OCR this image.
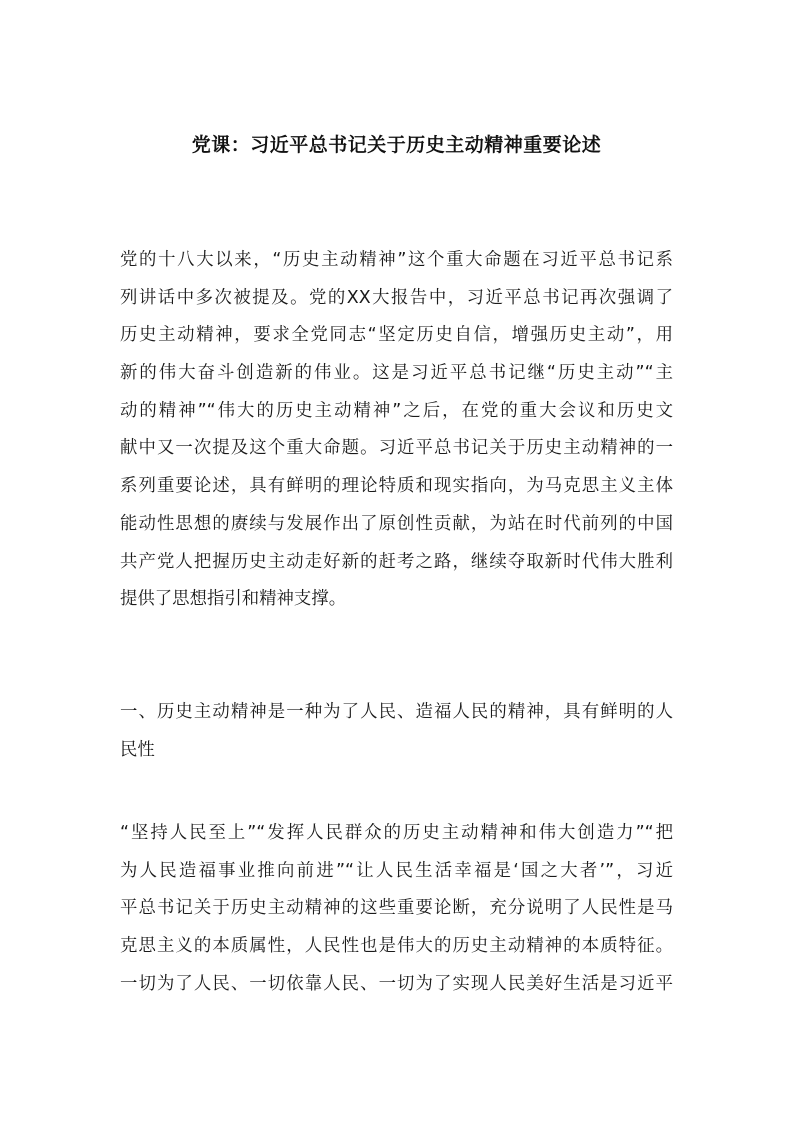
党课：习近平总书记关于历史主动精神重要论述
党的十八大以来，“历史主动精神”这个重大命题在习近平总书记系
列讲话中多次被提及。党的XX大报告中，习近平总书记再次强调了
历史主动精神，要求全党同志“坚定历史自信，增强历史主动”，用
新的伟大奋斗创造新的伟业。这是习近平总书记继“历史主动”“主
动的精神”“伟大的历史主动精神”之后，在党的重大会议和历史文
献中又一次提及这个重大命题。习近平总书记关于历史主动精神的一
系列重要论述，具有鲜明的理论特质和现实指向，为马克思主义主体
能动性思想的赓续与发展作出了原创性贡献，为站在时代前列的中国
共产党人把握历史主动走好新的赶考之路，继续夺取新时代伟大胜利
提供了思想指引和精神支撑。
一、历史主动精神是一种为了人民、造福人民的精神，具有鲜明的人
民性
“坚持人民至上”“发挥人民群众的历史主动精神和伟大创造力”“把
为人民造福事业推向前进”“让人民生活幸福是‘国之大者’”，习近
平总书记关于历史主动精神的这些重要论断，充分说明了人民性是马
克思主义的本质属性，人民性也是伟大的历史主动精神的本质特征。
一切为了人民、一切依靠人民、一切为了实现人民美好生活是习近平
